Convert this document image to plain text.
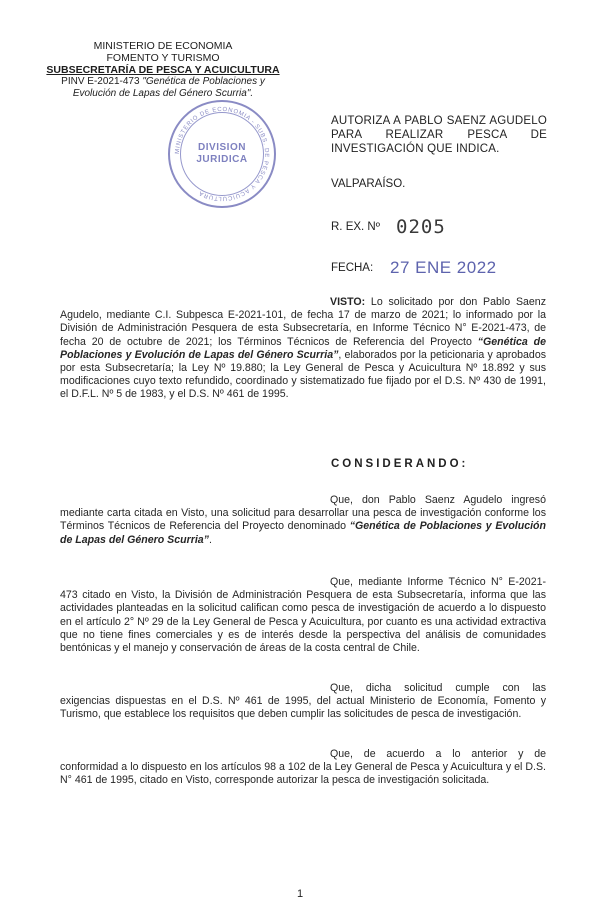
MINISTERIO DE ECONOMIA
FOMENTO Y TURISMO
SUBSECRETARÍA DE PESCA Y ACUICULTURA
PINV E-2021-473 "Genética de Poblaciones y
Evolución de Lapas del Género Scurria".
MINISTERIO DE ECONOMIA - SUBS. DE PESCA Y ACUICULTURA
DIVISION
JURIDICA
AUTORIZA A PABLO SAENZ AGUDELO PARA REALIZAR PESCA DE INVESTIGACIÓN QUE INDICA.
VALPARAÍSO.
R. EX. Nº 0205
FECHA: 27 ENE 2022
VISTO: Lo solicitado por don Pablo Saenz Agudelo, mediante C.I. Subpesca E-2021-101, de fecha 17 de marzo de 2021; lo informado por la División de Administración Pesquera de esta Subsecretaría, en Informe Técnico N° E-2021-473, de fecha 20 de octubre de 2021; los Términos Técnicos de Referencia del Proyecto “Genética de Poblaciones y Evolución de Lapas del Género Scurria”, elaborados por la peticionaria y aprobados por esta Subsecretaría; la Ley Nº 19.880; la Ley General de Pesca y Acuicultura Nº 18.892 y sus modificaciones cuyo texto refundido, coordinado y sistematizado fue fijado por el D.S. Nº 430 de 1991, el D.F.L. Nº 5 de 1983, y el D.S. Nº 461 de 1995.
CONSIDERANDO:
Que, don Pablo Saenz Agudelo ingresó mediante carta citada en Visto, una solicitud para desarrollar una pesca de investigación conforme los Términos Técnicos de Referencia del Proyecto denominado “Genética de Poblaciones y Evolución de Lapas del Género Scurria”.
Que, mediante Informe Técnico N° E-2021-473 citado en Visto, la División de Administración Pesquera de esta Subsecretaría, informa que las actividades planteadas en la solicitud califican como pesca de investigación de acuerdo a lo dispuesto en el artículo 2° Nº 29 de la Ley General de Pesca y Acuicultura, por cuanto es una actividad extractiva que no tiene fines comerciales y es de interés desde la perspectiva del análisis de comunidades bentónicas y el manejo y conservación de áreas de la costa central de Chile.
Que, dicha solicitud cumple con las exigencias dispuestas en el D.S. Nº 461 de 1995, del actual Ministerio de Economía, Fomento y Turismo, que establece los requisitos que deben cumplir las solicitudes de pesca de investigación.
Que, de acuerdo a lo anterior y de conformidad a lo dispuesto en los artículos 98 a 102 de la Ley General de Pesca y Acuicultura y el D.S. N° 461 de 1995, citado en Visto, corresponde autorizar la pesca de investigación solicitada.
1
